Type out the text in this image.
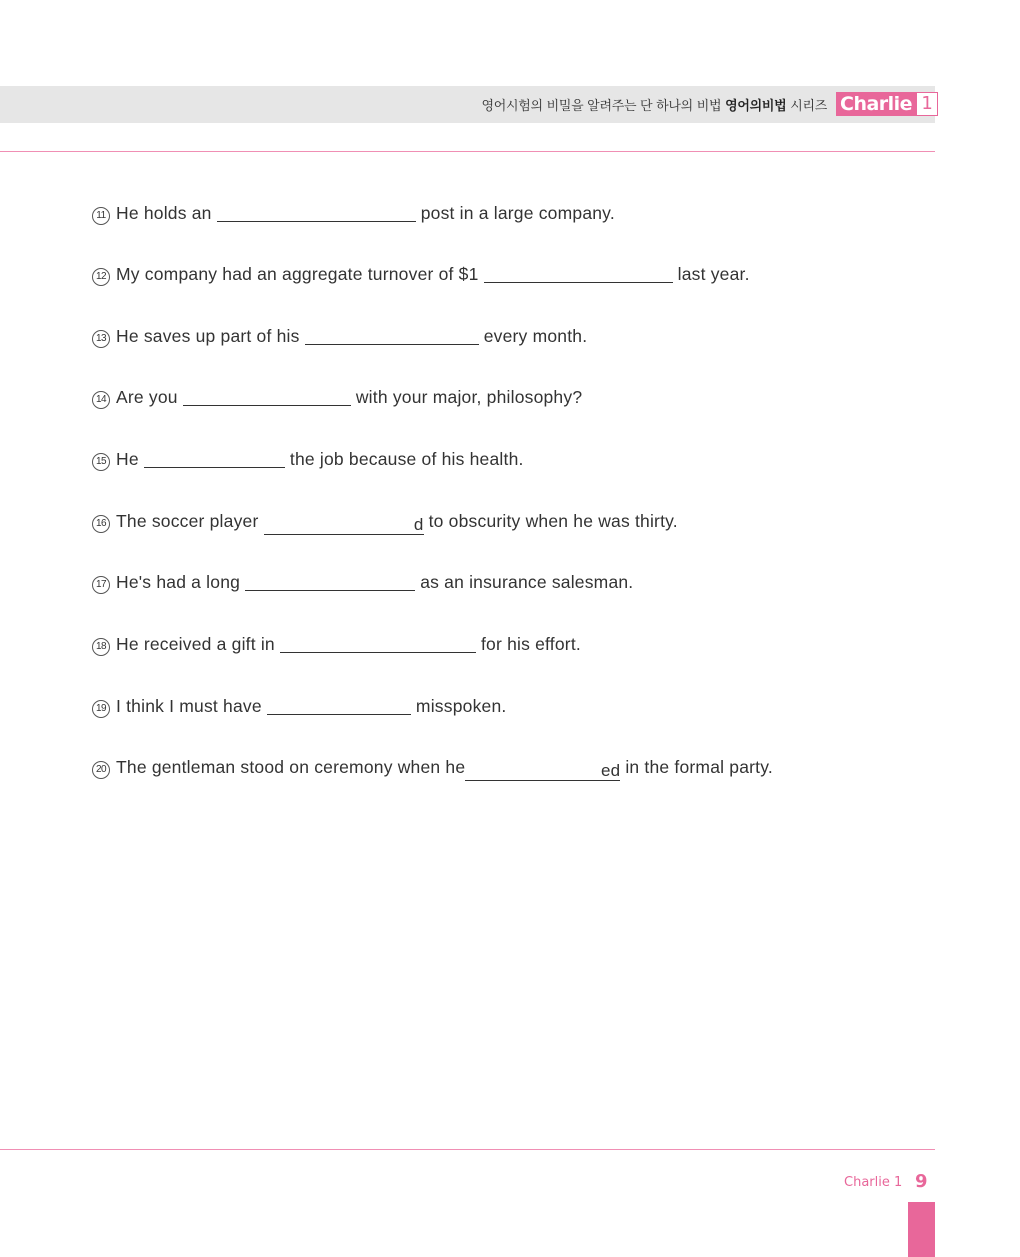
영어시험의 비밀을 알려주는 단 하나의 비법 영어의비법 시리즈 Charlie 1
11 He holds an	post in a large company.
12 My company had an aggregate turnover of $1	last year.
13 He saves up part of his	every month.
14 Are you	with your major, philosophy?
15 He	the job because of his health.
16 The soccer player	d to obscurity when he was thirty.
17 He's had a long	as an insurance salesman.
18 He received a gift in	for his effort.
19 I think I must have	misspoken.
20 The gentleman stood on ceremony when he	ed in the formal party.
Charlie 1 9
